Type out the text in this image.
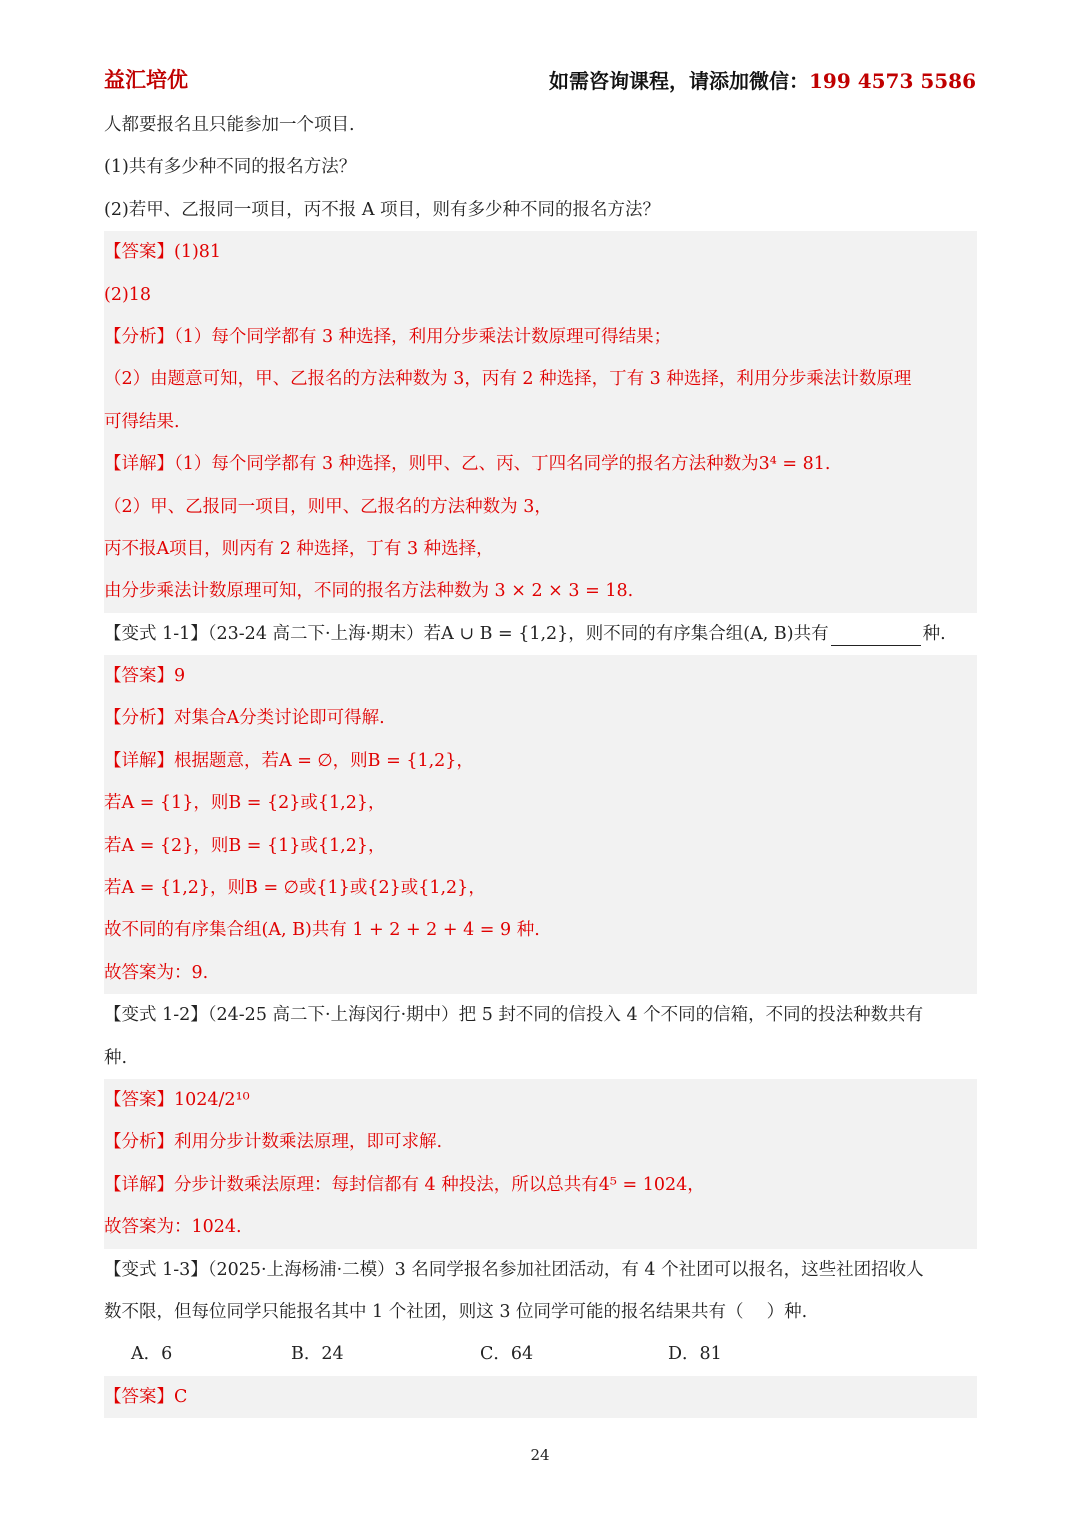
益汇培优	如需咨询课程，请添加微信：199 4573 5586
人都要报名且只能参加一个项目.
(1)共有多少种不同的报名方法？
(2)若甲、乙报同一项目，丙不报 A 项目，则有多少种不同的报名方法？
【答案】(1)81
(2)18
【分析】（1）每个同学都有 3 种选择，利用分步乘法计数原理可得结果；
（2）由题意可知，甲、乙报名的方法种数为 3，丙有 2 种选择，丁有 3 种选择，利用分步乘法计数原理
可得结果.
【详解】（1）每个同学都有 3 种选择，则甲、乙、丙、丁四名同学的报名方法种数为3⁴ = 81.
（2）甲、乙报同一项目，则甲、乙报名的方法种数为 3，
丙不报A项目，则丙有 2 种选择，丁有 3 种选择，
由分步乘法计数原理可知，不同的报名方法种数为 3 × 2 × 3 = 18.
【变式 1-1】（23-24 高二下·上海·期末）若A ∪ B = {1,2}，则不同的有序集合组(A, B)共有	种.
【答案】9
【分析】对集合A分类讨论即可得解.
【详解】根据题意，若A = ∅，则B = {1,2}，
若A = {1}，则B = {2}或{1,2}，
若A = {2}，则B = {1}或{1,2}，
若A = {1,2}，则B = ∅或{1}或{2}或{1,2}，
故不同的有序集合组(A, B)共有 1 + 2 + 2 + 4 = 9 种.
故答案为：9.
【变式 1-2】（24-25 高二下·上海闵行·期中）把 5 封不同的信投入 4 个不同的信箱，不同的投法种数共有
种.
【答案】1024/2¹⁰
【分析】利用分步计数乘法原理，即可求解.
【详解】分步计数乘法原理：每封信都有 4 种投法，所以总共有4⁵ = 1024，
故答案为：1024.
【变式 1-3】（2025·上海杨浦·二模）3 名同学报名参加社团活动，有 4 个社团可以报名，这些社团招收人
数不限，但每位同学只能报名其中 1 个社团，则这 3 位同学可能的报名结果共有（　 ）种.
A．6	B．24	C．64	D．81
【答案】C
24
